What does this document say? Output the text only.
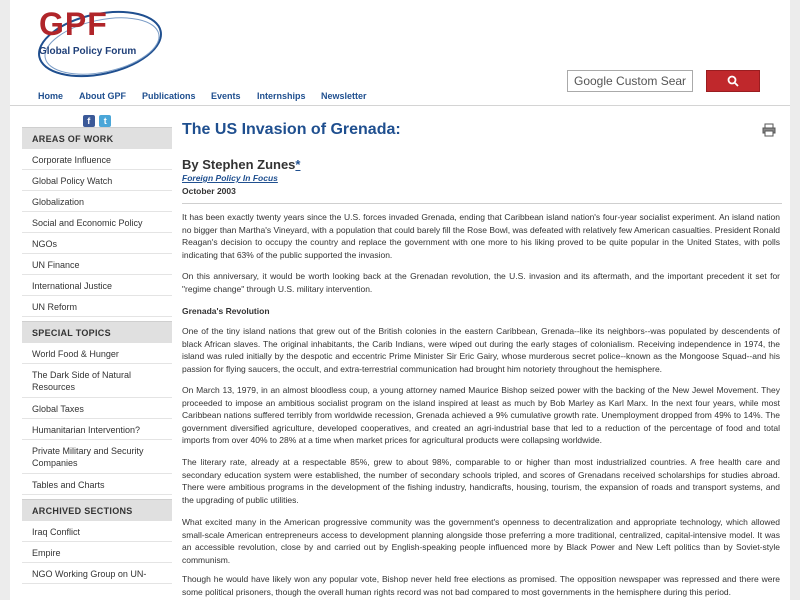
GPF
Global Policy Forum
Google Custom Search
Home About GPF Publications Events Internships Newsletter
f t
AREAS OF WORK
Corporate Influence
Global Policy Watch
Globalization
Social and Economic Policy
NGOs
UN Finance
International Justice
UN Reform
SPECIAL TOPICS
World Food & Hunger
The Dark Side of Natural Resources
Global Taxes
Humanitarian Intervention?
Private Military and Security Companies
Tables and Charts
ARCHIVED SECTIONS
Iraq Conflict
Empire
NGO Working Group on UN-
The US Invasion of Grenada:
By Stephen Zunes*
Foreign Policy In Focus
October 2003
It has been exactly twenty years since the U.S. forces invaded Grenada, ending that Caribbean island nation's four-year socialist experiment. An island nation no bigger than Martha's Vineyard, with a population that could barely fill the Rose Bowl, was defeated with relatively few American casualties. President Ronald Reagan's decision to occupy the country and replace the government with one more to his liking proved to be quite popular in the United States, with polls indicating that 63% of the public supported the invasion.
On this anniversary, it would be worth looking back at the Grenadan revolution, the U.S. invasion and its aftermath, and the important precedent it set for "regime change" through U.S. military intervention.
Grenada's Revolution
One of the tiny island nations that grew out of the British colonies in the eastern Caribbean, Grenada--like its neighbors--was populated by descendents of black African slaves. The original inhabitants, the Carib Indians, were wiped out during the early stages of colonialism. Receiving independence in 1974, the island was ruled initially by the despotic and eccentric Prime Minister Sir Eric Gairy, whose murderous secret police--known as the Mongoose Squad--and his passion for flying saucers, the occult, and extra-terrestrial communication had brought him notoriety throughout the hemisphere.
On March 13, 1979, in an almost bloodless coup, a young attorney named Maurice Bishop seized power with the backing of the New Jewel Movement. They proceeded to impose an ambitious socialist program on the island inspired at least as much by Bob Marley as Karl Marx. In the next four years, while most Caribbean nations suffered terribly from worldwide recession, Grenada achieved a 9% cumulative growth rate. Unemployment dropped from 49% to 14%. The government diversified agriculture, developed cooperatives, and created an agri-industrial base that led to a reduction of the percentage of food and total imports from over 40% to 28% at a time when market prices for agricultural products were collapsing worldwide.
The literary rate, already at a respectable 85%, grew to about 98%, comparable to or higher than most industrialized countries. A free health care and secondary education system were established, the number of secondary schools tripled, and scores of Grenadans received scholarships for studies abroad. There were ambitious programs in the development of the fishing industry, handicrafts, housing, tourism, the expansion of roads and transport systems, and the upgrading of public utilities.
What excited many in the American progressive community was the government's openness to decentralization and appropriate technology, which allowed small-scale American entrepreneurs access to development planning alongside those preferring a more traditional, centralized, capital-intensive model. It was an accessible revolution, close by and carried out by English-speaking people influenced more by Black Power and New Left politics than by Soviet-style communism.
Though he would have likely won any popular vote, Bishop never held free elections as promised. The opposition newspaper was repressed and there were some political prisoners, though the overall human rights record was not bad compared to most governments in the hemisphere during this period.
